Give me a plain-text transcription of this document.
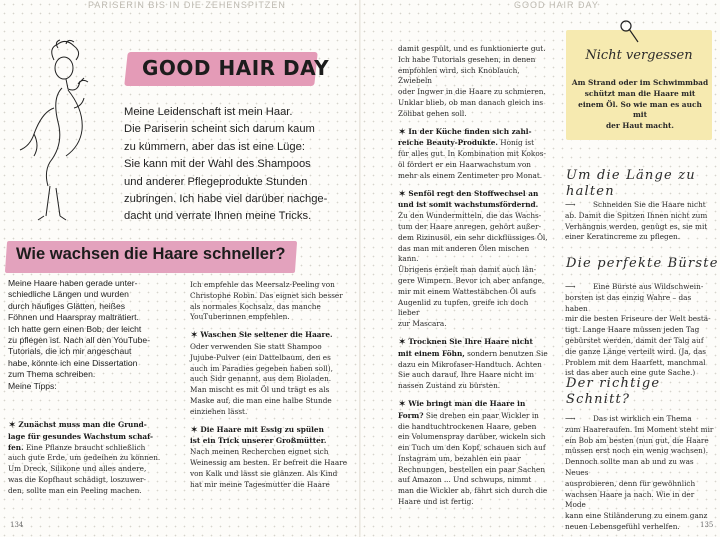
PARISERIN BIS IN DIE ZEHENSPITZEN	GOOD HAIR DAY
GOOD HAIR DAY

Meine Leidenschaft ist mein Haar.

Die Pariserin scheint sich darum kaum

zu kümmern, aber das ist eine Lüge:

Sie kann mit der Wahl des Shampoos

und anderer Pflegeprodukte Stunden

zubringen. Ich habe viel darüber nachge-

dacht und verrate Ihnen meine Tricks.

Wie wachsen die Haare schneller?

Meine Haare haben gerade unter-

schiedliche Längen und wurden

durch häufiges Glätten, heißes

Föhnen und Haarspray malträtiert.

Ich hatte gern einen Bob, der leicht

zu pflegen ist. Nach all den YouTube-

Tutorials, die ich mir angeschaut

habe, könnte ich eine Dissertation

zum Thema schreiben.

Meine Tipps:

✶ Zunächst muss man die Grund-

lage für gesundes Wachstum schaf-

fen. Eine Pflanze braucht schließlich

auch gute Erde, um gedeihen zu können.

Um Dreck, Silikone und alles andere,

was die Kopfhaut schädigt, loszuwer-

den, sollte man ein Peeling machen.

Ich empfehle das Meersalz-Peeling von

Christophe Robin. Das eignet sich besser

als normales Kochsalz, das manche

YouTuberinnen empfehlen.

✶ Waschen Sie seltener die Haare.

Oder verwenden Sie statt Shampoo

Jujube-Pulver (ein Dattelbaum, den es

auch im Paradies gegeben haben soll),

auch Sidr genannt, aus dem Bioladen.

Man mischt es mit Öl und trägt es als

Maske auf, die man eine halbe Stunde

einziehen lässt.

✶ Die Haare mit Essig zu spülen

ist ein Trick unserer Großmütter.

Nach meinen Recherchen eignet sich

Weinessig am besten. Er befreit die Haare

von Kalk und lässt sie glänzen. Als Kind

hat mir meine Tagesmutter die Haare

134

damit gespült, und es funktionierte gut.

Ich habe Tutorials gesehen, in denen

empfohlen wird, sich Knoblauch, Zwiebeln

oder Ingwer in die Haare zu schmieren.

Unklar blieb, ob man danach gleich ins

Zölibat gehen soll.

✶ In der Küche finden sich zahl-

reiche Beauty-Produkte. Honig ist

für alles gut. In Kombination mit Kokos-

öl fördert er ein Haarwachstum von

mehr als einem Zentimeter pro Monat.

✶ Senföl regt den Stoffwechsel an

und ist somit wachstumsfördernd.

Zu den Wundermitteln, die das Wachs-

tum der Haare anregen, gehört außer-

dem Rizinusöl, ein sehr dickflüssiges Öl,

das man mit anderen Ölen mischen kann.

Übrigens erzielt man damit auch län-

gere Wimpern. Bevor ich aber anfange,

mir mit einem Wattestäbchen Öl aufs

Augenlid zu tupfen, greife ich doch lieber

zur Mascara.

✶ Trocknen Sie Ihre Haare nicht

mit einem Föhn, sondern benutzen Sie

dazu ein Mikrofaser-Handtuch. Achten

Sie auch darauf, Ihre Haare nicht im

nassen Zustand zu bürsten.

✶ Wie bringt man die Haare in

Form? Sie drehen ein paar Wickler in

die handtuchtrockenen Haare, geben

ein Volumenspray darüber, wickeln sich

ein Tuch um den Kopf, schauen sich auf

Instagram um, bezahlen ein paar

Rechnungen, bestellen ein paar Sachen

auf Amazon ... Und schwups, nimmt

man die Wickler ab, fährt sich durch die

Haare und ist fertig.

Nicht vergessen

Am Strand oder im Schwimmbad

schützt man die Haare mit

einem Öl. So wie man es auch mit

der Haut macht.

Um die Länge zu
halten

⟶ Schneiden Sie die Haare nicht

ab. Damit die Spitzen Ihnen nicht zum

Verhängnis werden, genügt es, sie mit

einer Keratincreme zu pflegen.

Die perfekte Bürste

⟶ Eine Bürste aus Wildschwein-

borsten ist das einzig Wahre – das haben

mir die besten Friseure der Welt bestä-

tigt. Lange Haare müssen jeden Tag

gebürstet werden, damit der Talg auf

die ganze Länge verteilt wird. (Ja, das

Problem mit dem Haarfett, manchmal

ist das aber auch eine gute Sache.)

Der richtige
Schnitt?

⟶ Das ist wirklich ein Thema

zum Haareraufen. Im Moment steht mir

ein Bob am besten (nun gut, die Haare

müssen erst noch ein wenig wachsen).

Dennoch sollte man ab und zu was Neues

ausprobieren, denn für gewöhnlich

wachsen Haare ja nach. Wie in der Mode

kann eine Stiländerung zu einem ganz

neuen Lebensgefühl verhelfen.	135
